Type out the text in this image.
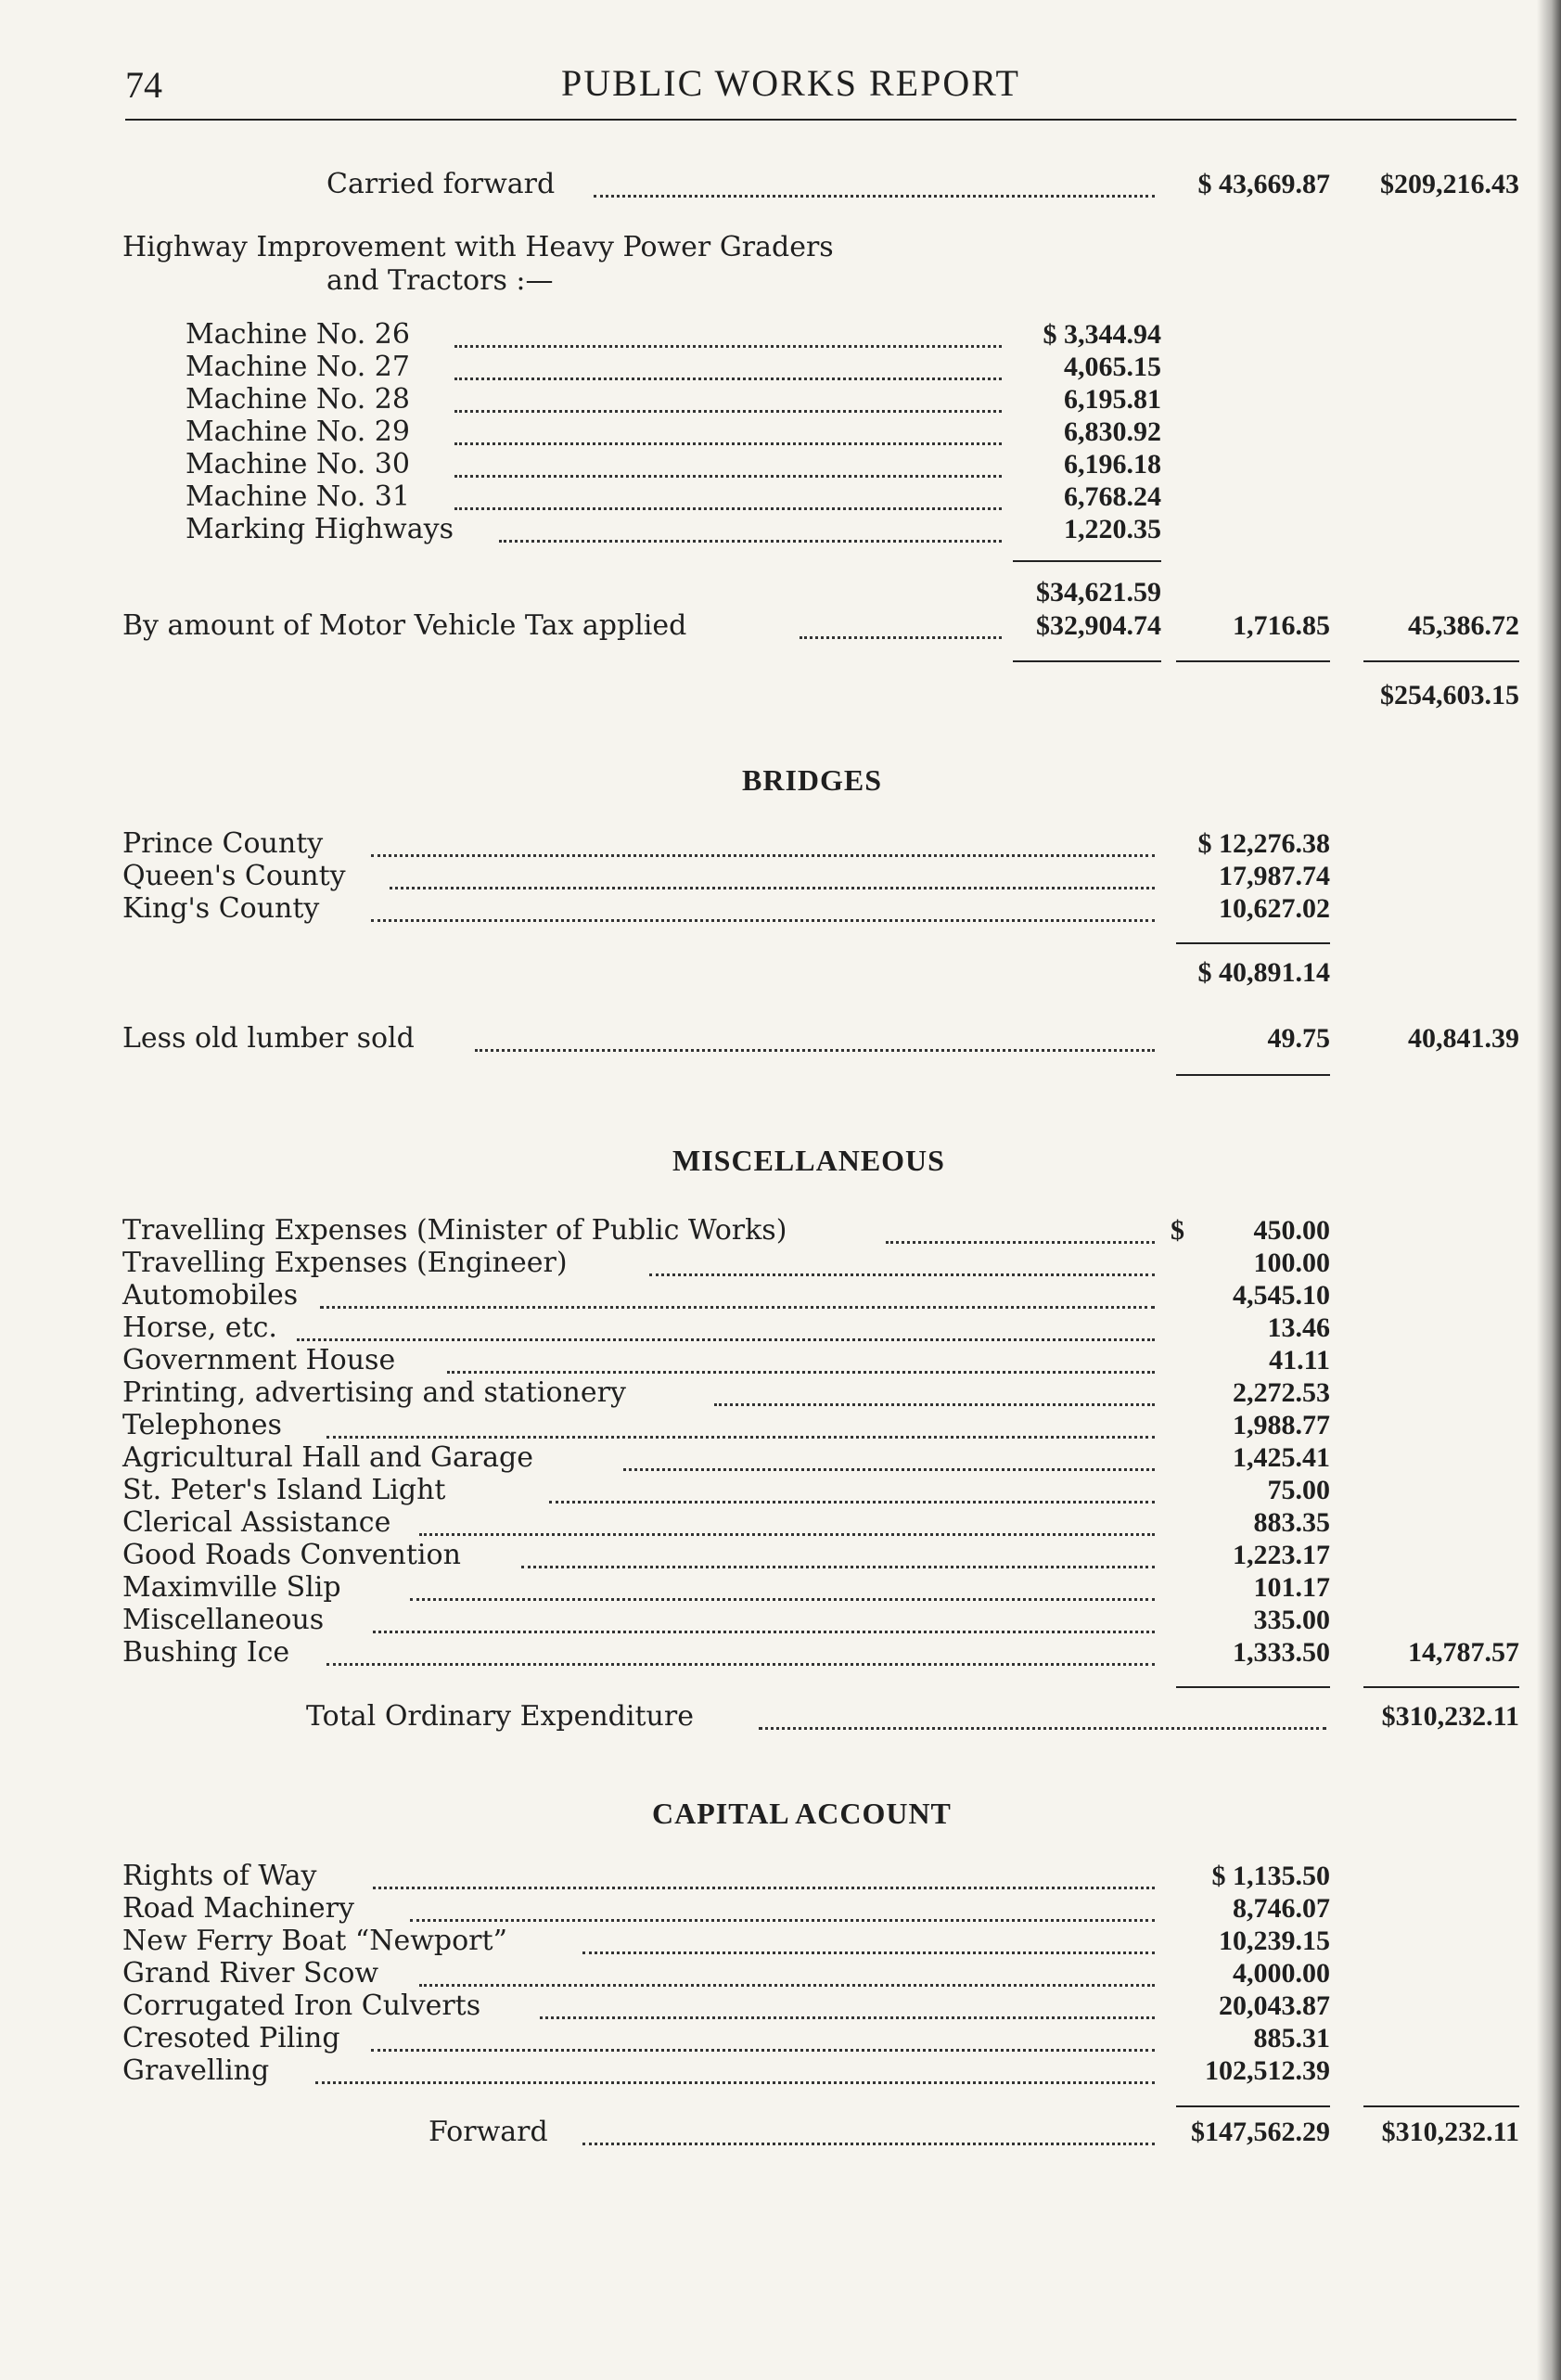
74	PUBLIC WORKS REPORT
Carried forward	$ 43,669.87	$209,216.43
Highway Improvement with Heavy Power Graders
and Tractors :—
Machine No. 26	$ 3,344.94
Machine No. 27	4,065.15
Machine No. 28	6,195.81
Machine No. 29	6,830.92
Machine No. 30	6,196.18
Machine No. 31	6,768.24
Marking Highways	1,220.35
$34,621.59
By amount of Motor Vehicle Tax applied	$32,904.74	1,716.85	45,386.72
$254,603.15
BRIDGES
Prince County	$ 12,276.38
Queen's County	17,987.74
King's County	10,627.02
$ 40,891.14
Less old lumber sold	49.75	40,841.39
MISCELLANEOUS
$
Travelling Expenses (Minister of Public Works)	450.00
Travelling Expenses (Engineer)	100.00
Automobiles	4,545.10
Horse, etc.	13.46
Government House	41.11
Printing, advertising and stationery	2,272.53
Telephones	1,988.77
Agricultural Hall and Garage	1,425.41
St. Peter's Island Light	75.00
Clerical Assistance	883.35
Good Roads Convention	1,223.17
Maximville Slip	101.17
Miscellaneous	335.00
Bushing Ice	1,333.50	14,787.57
Total Ordinary Expenditure	$310,232.11
CAPITAL ACCOUNT
Rights of Way	$ 1,135.50
Road Machinery	8,746.07
New Ferry Boat “Newport”	10,239.15
Grand River Scow	4,000.00
Corrugated Iron Culverts	20,043.87
Cresoted Piling	885.31
Gravelling	102,512.39
Forward	$147,562.29	$310,232.11
